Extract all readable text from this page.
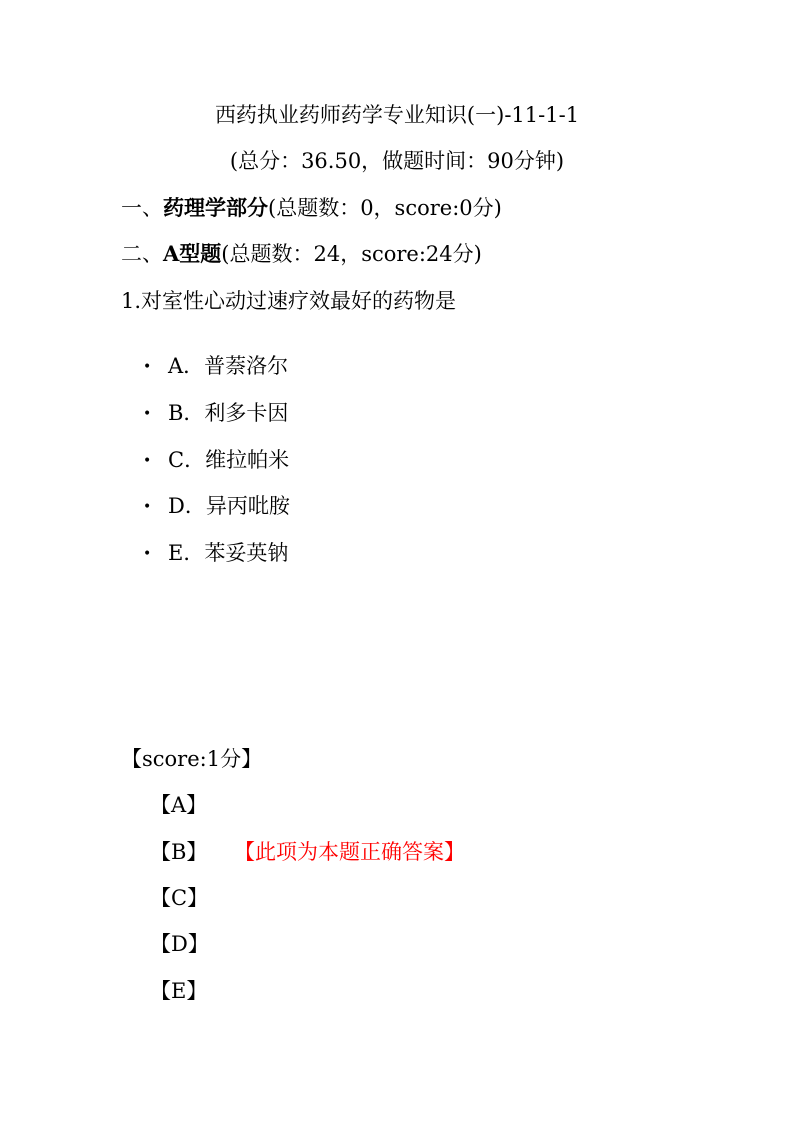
西药执业药师药学专业知识(一)-11-1-1
(总分：36.50，做题时间：90分钟)
一、药理学部分(总题数：0，score:0分)
二、A型题(总题数：24，score:24分)
1.对室性心动过速疗效最好的药物是
• A．普萘洛尔
• B．利多卡因
• C．维拉帕米
• D．异丙吡胺
• E．苯妥英钠
【score:1分】
【A】
【B】 【此项为本题正确答案】
【C】
【D】
【E】
